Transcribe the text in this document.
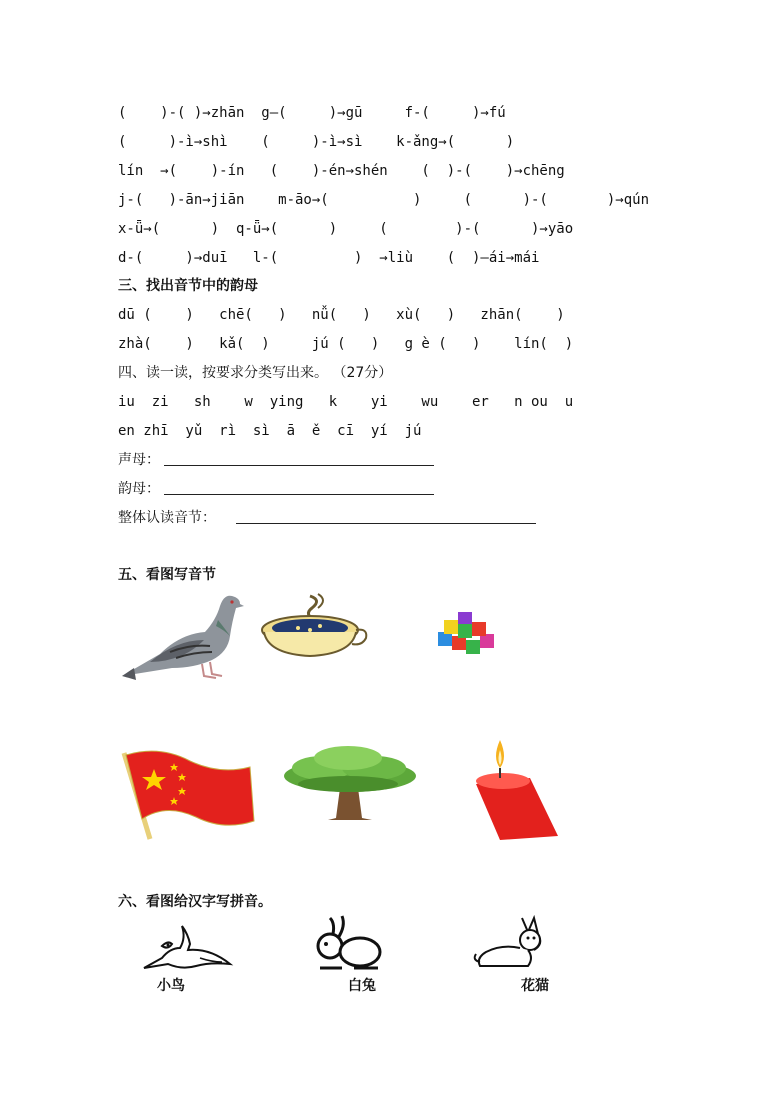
(    )-( )→zhān  g—(     )→gū     f-(     )→fú
(     )-ì→shì    (     )-ì→sì    k-ǎng→(      )
lín  →(    )-ín   (    )-én→shén    (  )-(    )→chēng
j-(   )-ān→jiān    m-āo→(          )     (      )-(       )→qún
x-ǖ→(      )  q-ǖ→(      )     (        )-(      )→yāo
d-(     )→duī   l-(         )  →liù    (  )—ái→mái
三、找出音节中的韵母
dū (    )   chē(   )   nǚ(   )   xù(   )   zhān(    )
zhà(    )   kǎ(  )     jú (   )   g è (   )    lín(  )
四、读一读，按要求分类写出来。 （27分）
iu  zi   sh    w  ying   k    yi    wu    er   n ou  u
en zhī  yǔ  rì  sì  ā  ě  cī  yí  jú
声母：
韵母：
整体认读音节：
五、看图写音节
六、看图给汉字写拼音。
小鸟	白兔	花猫
